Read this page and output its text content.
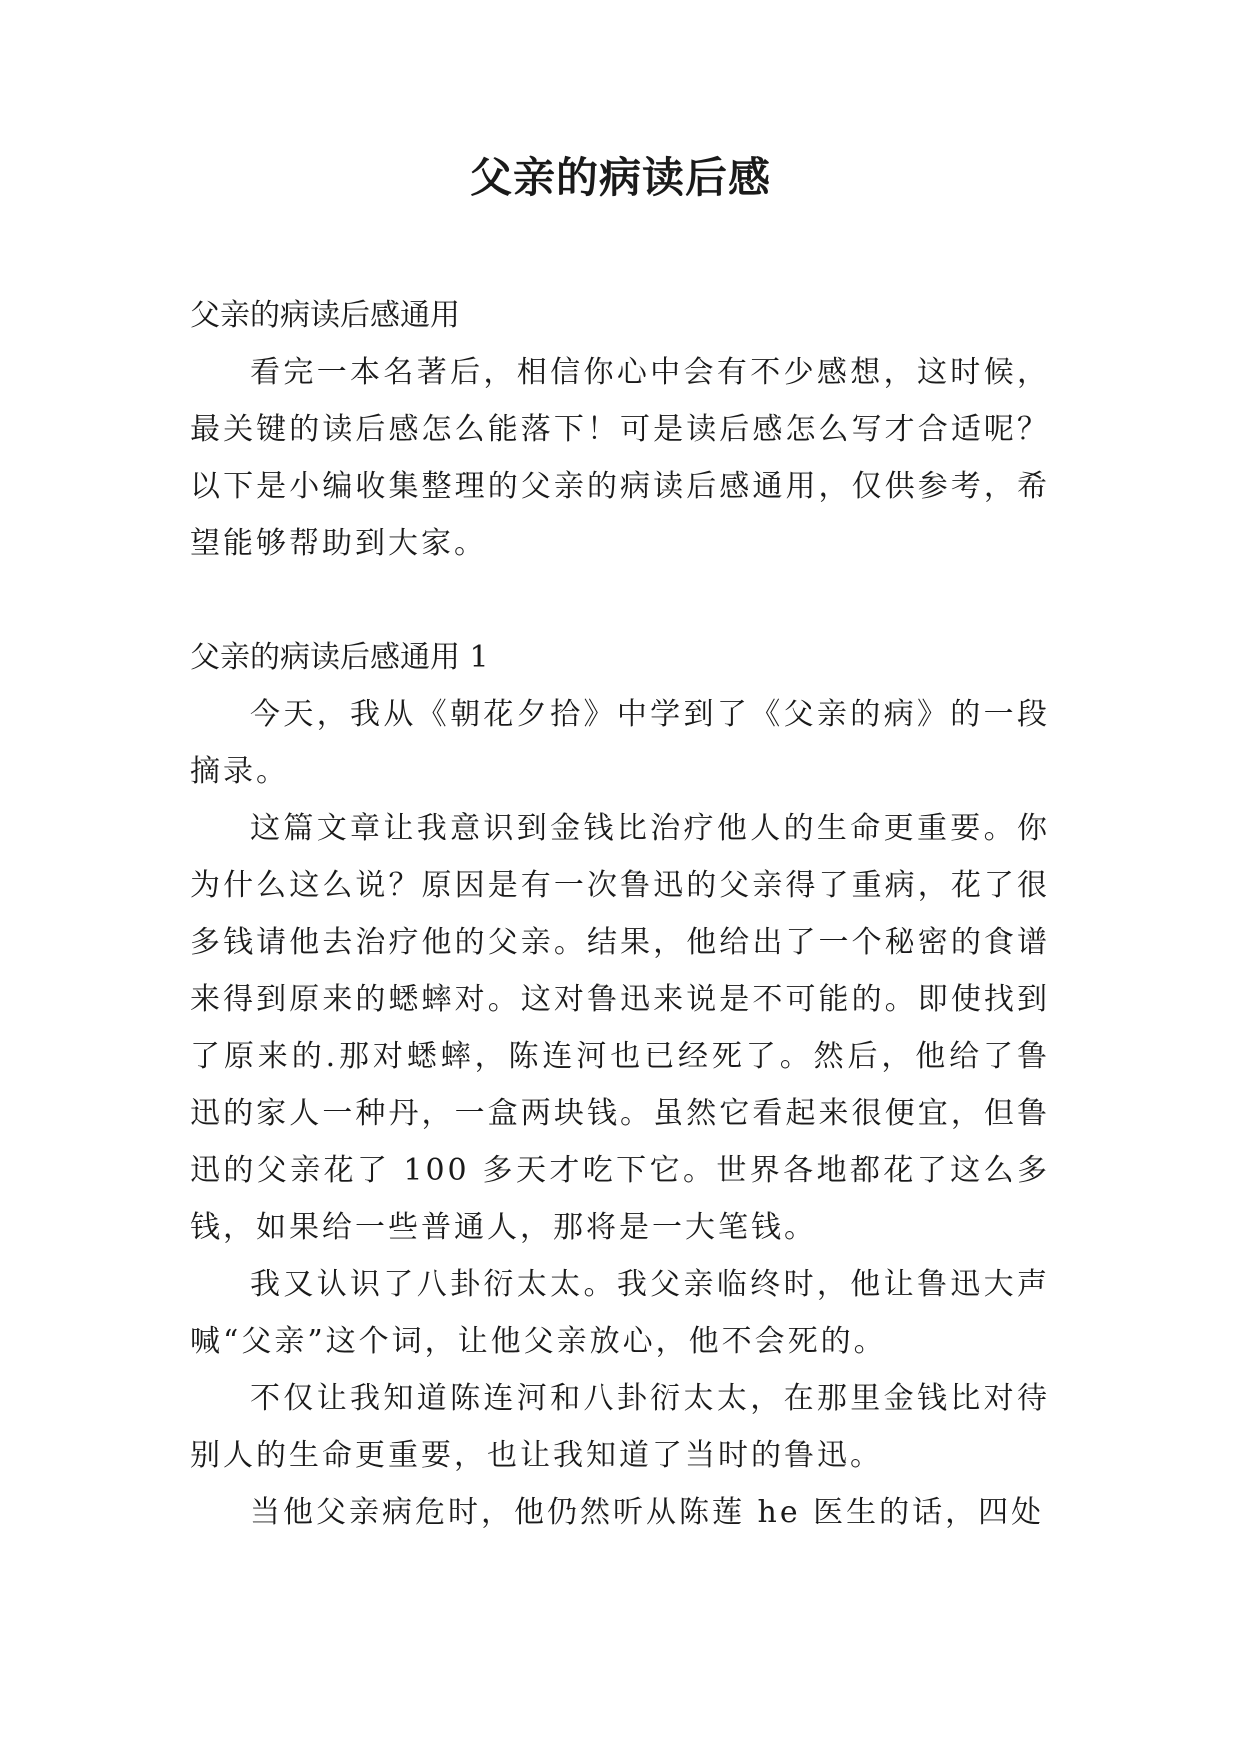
父亲的病读后感

父亲的病读后感通用

看完一本名著后，相信你心中会有不少感想，这时候，最关键的读后感怎么能落下！可是读后感怎么写才合适呢？以下是小编收集整理的父亲的病读后感通用，仅供参考，希望能够帮助到大家。

父亲的病读后感通用 1

今天，我从《朝花夕拾》中学到了《父亲的病》的一段摘录。

这篇文章让我意识到金钱比治疗他人的生命更重要。你为什么这么说？原因是有一次鲁迅的父亲得了重病，花了很多钱请他去治疗他的父亲。结果，他给出了一个秘密的食谱来得到原来的蟋蟀对。这对鲁迅来说是不可能的。即使找到了原来的.那对蟋蟀，陈连河也已经死了。然后，他给了鲁迅的家人一种丹，一盒两块钱。虽然它看起来很便宜，但鲁迅的父亲花了 100 多天才吃下它。世界各地都花了这么多钱，如果给一些普通人，那将是一大笔钱。

我又认识了八卦衍太太。我父亲临终时，他让鲁迅大声喊“父亲”这个词，让他父亲放心，他不会死的。

不仅让我知道陈连河和八卦衍太太，在那里金钱比对待别人的生命更重要，也让我知道了当时的鲁迅。

当他父亲病危时，他仍然听从陈莲 he 医生的话，四处
